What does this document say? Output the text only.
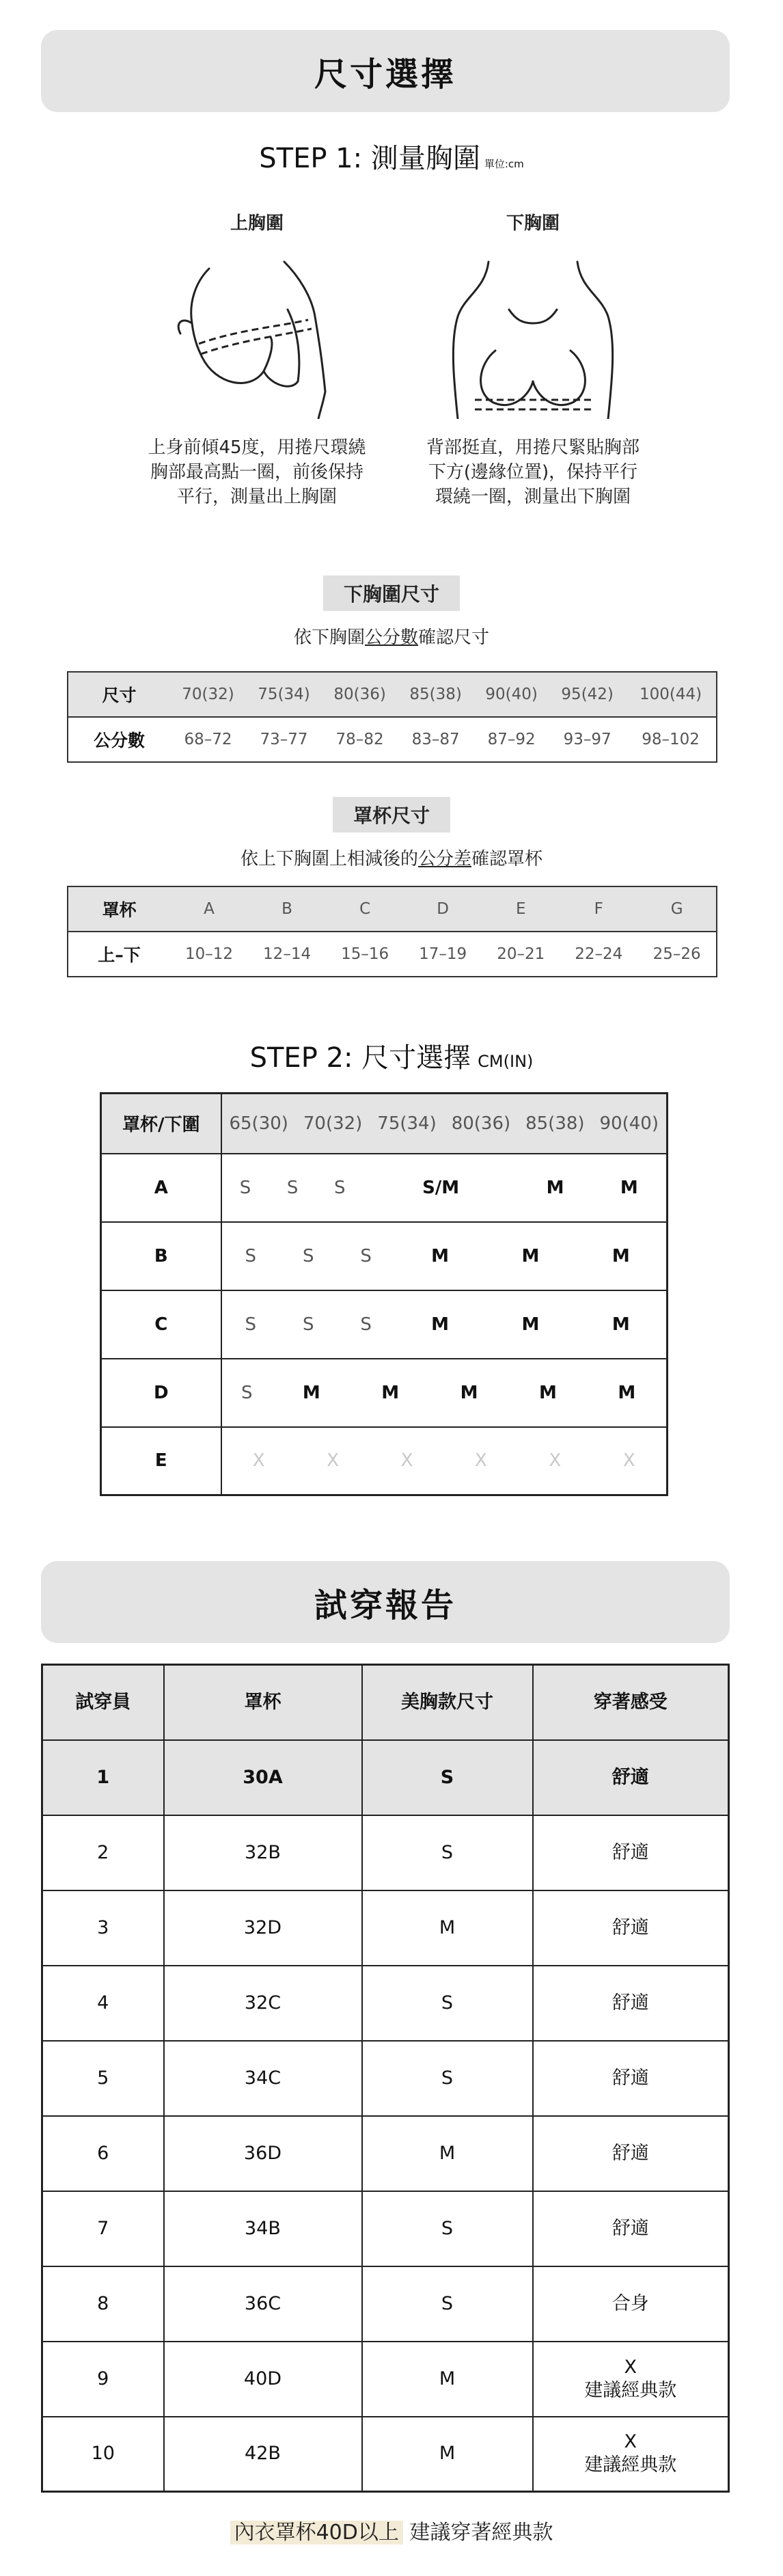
尺寸選擇
STEP 1: 測量胸圍 單位:cm
上胸圍
上身前傾45度，用捲尺環繞
胸部最高點一圈，前後保持
平行，測量出上胸圍
下胸圍
背部挺直，用捲尺緊貼胸部
下方(邊緣位置)，保持平行
環繞一圈，測量出下胸圍
下胸圍尺寸
依下胸圍公分數確認尺寸
尺寸	70(32)	75(34)	80(36)	85(38)	90(40)	95(42)	100(44)
公分數	68–72	73–77	78–82	83–87	87–92	93–97	98–102
罩杯尺寸
依上下胸圍上相減後的公分差確認罩杯
罩杯	A	B	C	D	E	F	G
上–下	10–12	12–14	15–16	17–19	20–21	22–24	25–26
STEP 2: 尺寸選擇 CM(IN)
罩杯/下圍	65(30)	70(32)	75(34)	80(36)	85(38)	90(40)

A		S	S	S	S/M	M	M

B		S	S	S	M	M	M

C		S	S	S	M	M	M

D		S	M	M	M	M	M

E		X	X	X	X	X	X
試穿報告
試穿員	罩杯	美胸款尺寸	穿著感受
1	30A	S	舒適
2	32B	S	舒適
3	32D	M	舒適
4	32C	S	舒適
5	34C	S	舒適
6	36D	M	舒適
7	34B	S	舒適
8	36C	S	合身
9	40D	M	X
建議經典款
10	42B	M	X
建議經典款
內衣罩杯40D以上 建議穿著經典款
